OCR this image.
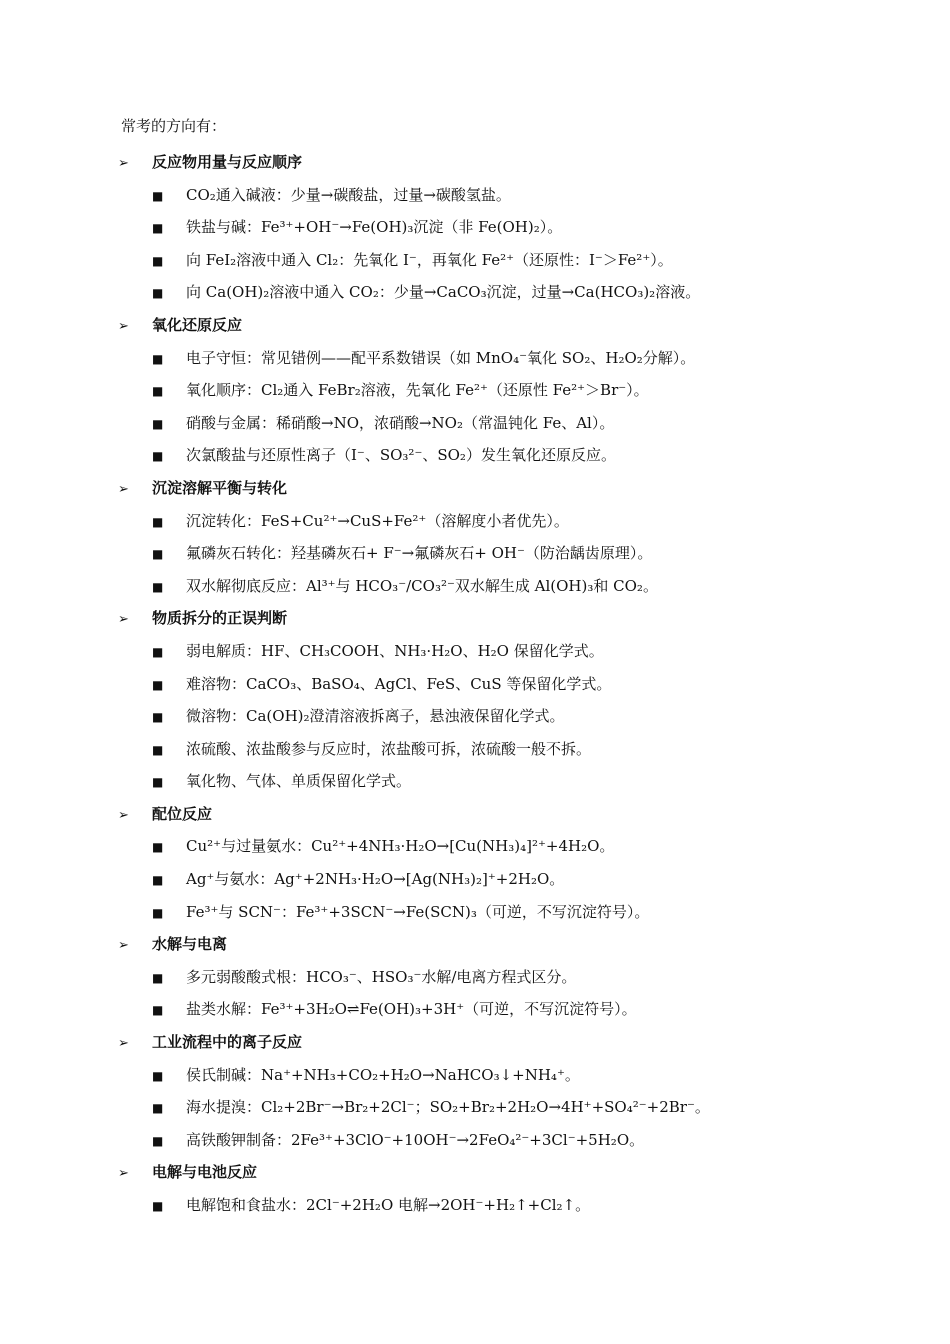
常考的方向有：
➢ 反应物用量与反应顺序
■ CO₂通入碱液：少量→碳酸盐，过量→碳酸氢盐。
■ 铁盐与碱：Fe³⁺+OH⁻→Fe(OH)₃沉淀（非 Fe(OH)₂）。
■ 向 FeI₂溶液中通入 Cl₂：先氧化 I⁻，再氧化 Fe²⁺（还原性：I⁻＞Fe²⁺）。
■ 向 Ca(OH)₂溶液中通入 CO₂：少量→CaCO₃沉淀，过量→Ca(HCO₃)₂溶液。
➢ 氧化还原反应
■ 电子守恒：常见错例——配平系数错误（如 MnO₄⁻氧化 SO₂、H₂O₂分解）。
■ 氧化顺序：Cl₂通入 FeBr₂溶液，先氧化 Fe²⁺（还原性 Fe²⁺＞Br⁻）。
■ 硝酸与金属：稀硝酸→NO，浓硝酸→NO₂（常温钝化 Fe、Al）。
■ 次氯酸盐与还原性离子（I⁻、SO₃²⁻、SO₂）发生氧化还原反应。
➢ 沉淀溶解平衡与转化
■ 沉淀转化：FeS+Cu²⁺→CuS+Fe²⁺（溶解度小者优先）。
■ 氟磷灰石转化：羟基磷灰石+ F⁻→氟磷灰石+ OH⁻（防治龋齿原理）。
■ 双水解彻底反应：Al³⁺与 HCO₃⁻/CO₃²⁻双水解生成 Al(OH)₃和 CO₂。
➢ 物质拆分的正误判断
■ 弱电解质：HF、CH₃COOH、NH₃·H₂O、H₂O 保留化学式。
■ 难溶物：CaCO₃、BaSO₄、AgCl、FeS、CuS 等保留化学式。
■ 微溶物：Ca(OH)₂澄清溶液拆离子，悬浊液保留化学式。
■ 浓硫酸、浓盐酸参与反应时，浓盐酸可拆，浓硫酸一般不拆。
■ 氧化物、气体、单质保留化学式。
➢ 配位反应
■ Cu²⁺与过量氨水：Cu²⁺+4NH₃·H₂O→[Cu(NH₃)₄]²⁺+4H₂O。
■ Ag⁺与氨水：Ag⁺+2NH₃·H₂O→[Ag(NH₃)₂]⁺+2H₂O。
■ Fe³⁺与 SCN⁻：Fe³⁺+3SCN⁻→Fe(SCN)₃（可逆，不写沉淀符号）。
➢ 水解与电离
■ 多元弱酸酸式根：HCO₃⁻、HSO₃⁻水解/电离方程式区分。
■ 盐类水解：Fe³⁺+3H₂O⇌Fe(OH)₃+3H⁺（可逆，不写沉淀符号）。
➢ 工业流程中的离子反应
■ 侯氏制碱：Na⁺+NH₃+CO₂+H₂O→NaHCO₃↓+NH₄⁺。
■ 海水提溴：Cl₂+2Br⁻→Br₂+2Cl⁻；SO₂+Br₂+2H₂O→4H⁺+SO₄²⁻+2Br⁻。
■ 高铁酸钾制备：2Fe³⁺+3ClO⁻+10OH⁻→2FeO₄²⁻+3Cl⁻+5H₂O。
➢ 电解与电池反应
■ 电解饱和食盐水：2Cl⁻+2H₂O 电解→2OH⁻+H₂↑+Cl₂↑。
